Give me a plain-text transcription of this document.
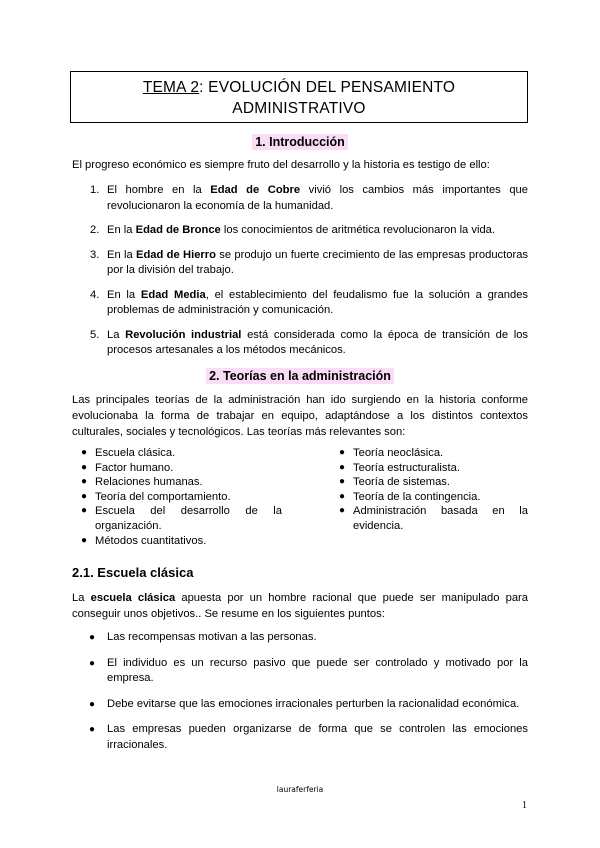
TEMA 2: EVOLUCIÓN DEL PENSAMIENTO
ADMINISTRATIVO
1. Introducción
El progreso económico es siempre fruto del desarrollo y la historia es testigo de ello:
1. El hombre en la Edad de Cobre vivió los cambios más importantes que revolucionaron la economía de la humanidad.
2. En la Edad de Bronce los conocimientos de aritmética revolucionaron la vida.
3. En la Edad de Hierro se produjo un fuerte crecimiento de las empresas productoras por la división del trabajo.
4. En la Edad Media, el establecimiento del feudalismo fue la solución a grandes problemas de administración y comunicación.
5. La Revolución industrial está considerada como la época de transición de los procesos artesanales a los métodos mecánicos.
2. Teorías en la administración
Las principales teorías de la administración han ido surgiendo en la historia conforme evolucionaba la forma de trabajar en equipo, adaptándose a los distintos contextos culturales, sociales y tecnológicos. Las teorías más relevantes son:
● Escuela clásica.
● Factor humano.
● Relaciones humanas.
● Teoría del comportamiento.
● Escuela del desarrollo de la organización.
● Métodos cuantitativos.
● Teoría neoclásica.
● Teoría estructuralista.
● Teoría de sistemas.
● Teoría de la contingencia.
● Administración basada en la evidencia.
2.1. Escuela clásica
La escuela clásica apuesta por un hombre racional que puede ser manipulado para conseguir unos objetivos.. Se resume en los siguientes puntos:
● Las recompensas motivan a las personas.
● El individuo es un recurso pasivo que puede ser controlado y motivado por la empresa.
● Debe evitarse que las emociones irracionales perturben la racionalidad económica.
● Las empresas pueden organizarse de forma que se controlen las emociones irracionales.
lauraferferia
1
